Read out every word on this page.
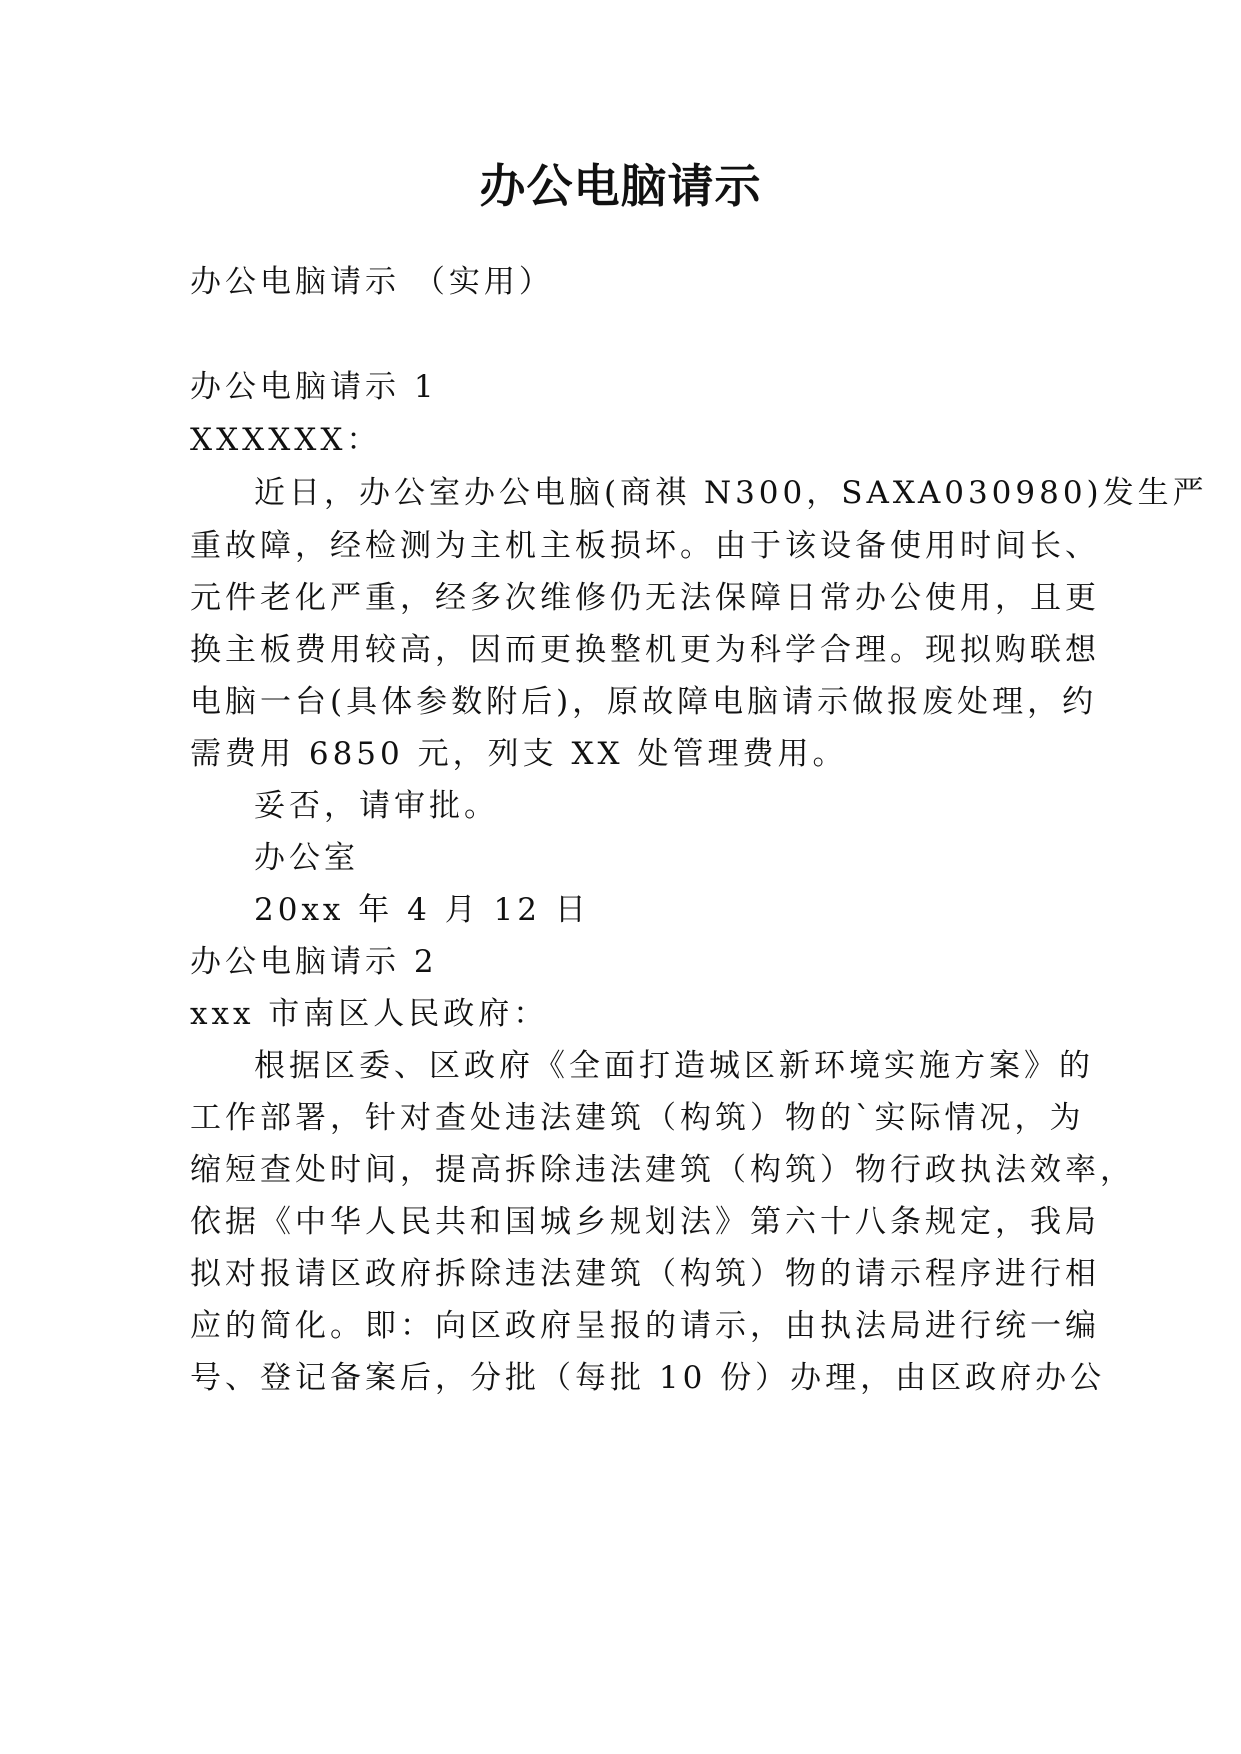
办公电脑请示

办公电脑请示 （实用）

办公电脑请示 1

XXXXXX：

近日，办公室办公电脑(商祺 N300，SAXA030980)发生严

重故障，经检测为主机主板损坏。由于该设备使用时间长、

元件老化严重，经多次维修仍无法保障日常办公使用，且更

换主板费用较高，因而更换整机更为科学合理。现拟购联想

电脑一台(具体参数附后)，原故障电脑请示做报废处理，约

需费用 6850 元，列支 XX 处管理费用。

妥否，请审批。

办公室

20xx 年 4 月 12 日

办公电脑请示 2

xxx 市南区人民政府：

根据区委、区政府《全面打造城区新环境实施方案》的

工作部署，针对查处违法建筑（构筑）物的`实际情况，为

缩短查处时间，提高拆除违法建筑（构筑）物行政执法效率，

依据《中华人民共和国城乡规划法》第六十八条规定，我局

拟对报请区政府拆除违法建筑（构筑）物的请示程序进行相

应的简化。即：向区政府呈报的请示，由执法局进行统一编

号、登记备案后，分批（每批 10 份）办理，由区政府办公
